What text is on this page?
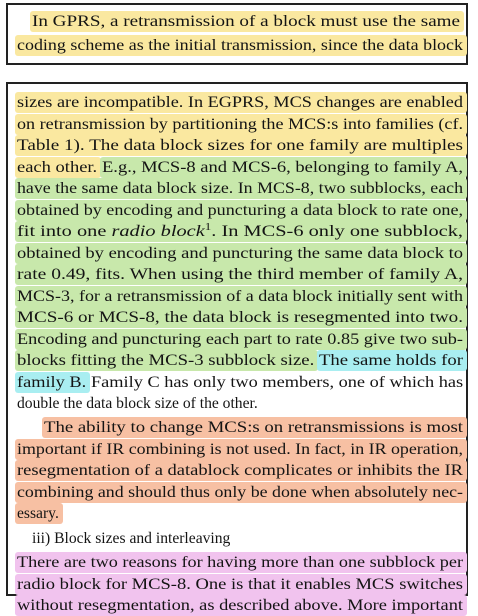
In GPRS, a retransmission of a block must use the same
coding scheme as the initial transmission, since the data block
sizes are incompatible. In EGPRS, MCS changes are enabled
on retransmission by partitioning the MCS:s into families (cf.
Table 1). The data block sizes for one family are multiples
each other. E.g., MCS-8 and MCS-6, belonging to family A,
have the same data block size. In MCS-8, two subblocks, each
obtained by encoding and puncturing a data block to rate one,
fit into one radio block$^1$. In MCS-6 only one subblock,
obtained by encoding and puncturing the same data block to
rate 0.49, fits. When using the third member of family A,
MCS-3, for a retransmission of a data block initially sent with
MCS-6 or MCS-8, the data block is resegmented into two.
Encoding and puncturing each part to rate 0.85 give two sub-
blocks fitting the MCS-3 subblock size. The same holds for
family B. Family C has only two members, one of which has
double the data block size of the other.
The ability to change MCS:s on retransmissions is most
important if IR combining is not used. In fact, in IR operation,
resegmentation of a datablock complicates or inhibits the IR
combining and should thus only be done when absolutely nec-
essary.
iii) Block sizes and interleaving
There are two reasons for having more than one subblock per
radio block for MCS-8. One is that it enables MCS switches
without resegmentation, as described above. More important
